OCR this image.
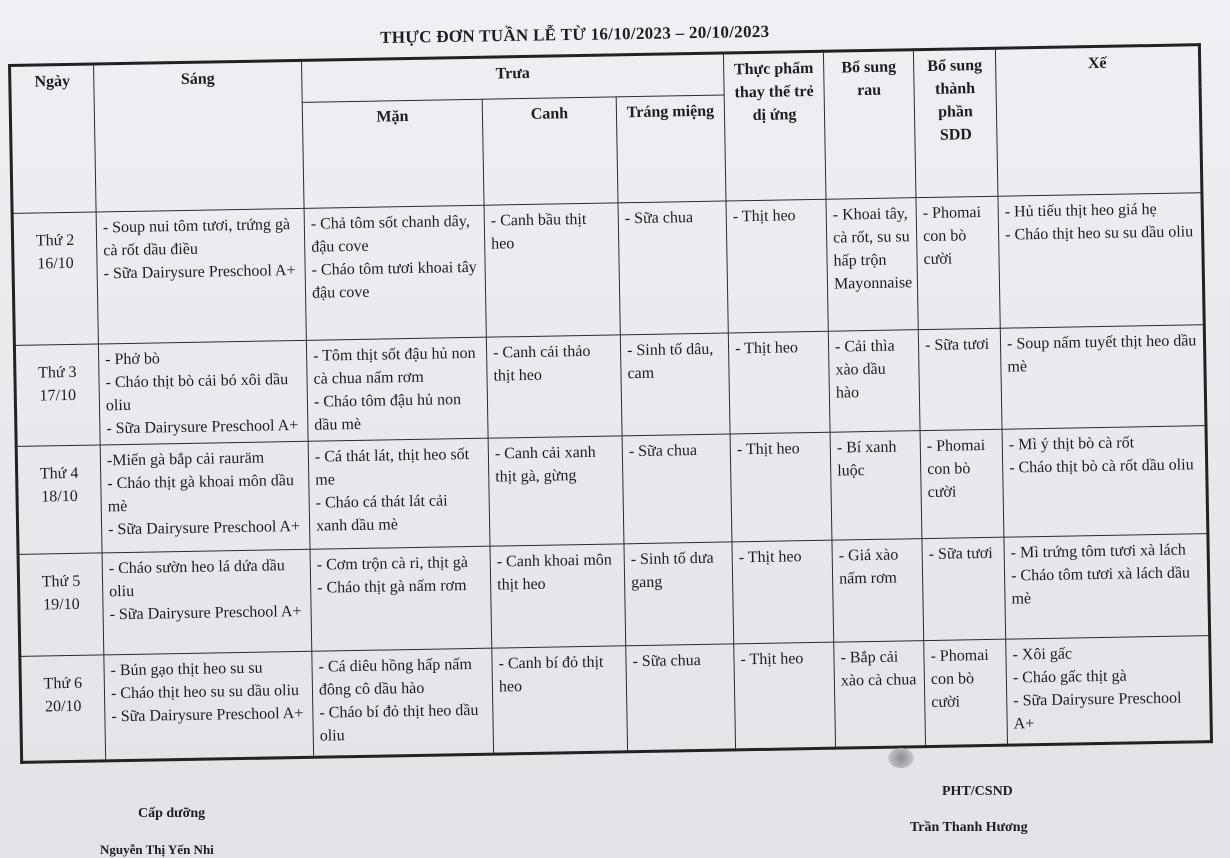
THỰC ĐƠN TUẦN LỄ TỪ 16/10/2023 – 20/10/2023
Ngày	Sáng	Trưa			Thực phẩm thay thế trẻ dị ứng	Bổ sung rau	Bổ sung thành phần SDD	Xế
		Mặn	Canh	Tráng miệng				

Thứ 2
16/10	- Soup nui tôm tươi, trứng gà cà rốt dầu điều
- Sữa Dairysure Preschool A+	- Chả tôm sốt chanh dây, đậu cove
- Cháo tôm tươi khoai tây đậu cove	- Canh bầu thịt heo	- Sữa chua	- Thịt heo	- Khoai tây, cà rốt, su su hấp trộn Mayonnaise	- Phomai con bò cười	- Hủ tiếu thịt heo giá hẹ
- Cháo thịt heo su su dầu oliu

Thứ 3
17/10	- Phở bò
- Cháo thịt bò cải bó xôi dầu oliu
- Sữa Dairysure Preschool A+	- Tôm thịt sốt đậu hủ non cà chua nấm rơm
- Cháo tôm đậu hủ non dầu mè	- Canh cải thảo thịt heo	- Sinh tố dâu, cam	- Thịt heo	- Cải thìa xào dầu hào	- Sữa tươi	- Soup nấm tuyết thịt heo dầu mè

Thứ 4
18/10	-Miến gà bắp cải rauräm
- Cháo thịt gà khoai môn dầu mè
- Sữa Dairysure Preschool A+	- Cá thát lát, thịt heo sốt me
- Cháo cá thát lát cải xanh dầu mè	- Canh cải xanh thịt gà, gừng	- Sữa chua	- Thịt heo	- Bí xanh luộc	- Phomai con bò cười	- Mì ý thịt bò cà rốt
- Cháo thịt bò cà rốt dầu oliu

Thứ 5
19/10	- Cháo sườn heo lá dứa dầu oliu
- Sữa Dairysure Preschool A+	- Cơm trộn cà ri, thịt gà
- Cháo thịt gà nấm rơm	- Canh khoai môn thịt heo	- Sinh tố dưa gang	- Thịt heo	- Giá xào nấm rơm	- Sữa tươi	- Mì trứng tôm tươi xà lách
- Cháo tôm tươi xà lách dầu mè

Thứ 6
20/10	- Bún gạo thịt heo su su
- Cháo thịt heo su su dầu oliu
- Sữa Dairysure Preschool A+	- Cá diêu hồng hấp nấm đông cô dầu hào
- Cháo bí đỏ thịt heo dầu oliu	- Canh bí đỏ thịt heo	- Sữa chua	- Thịt heo	- Bắp cải xào cà chua	- Phomai con bò cười	- Xôi gấc
- Cháo gấc thịt gà
- Sữa Dairysure Preschool A+
Cấp dưỡng
Nguyễn Thị Yến Nhi
PHT/CSND
Trần Thanh Hương
